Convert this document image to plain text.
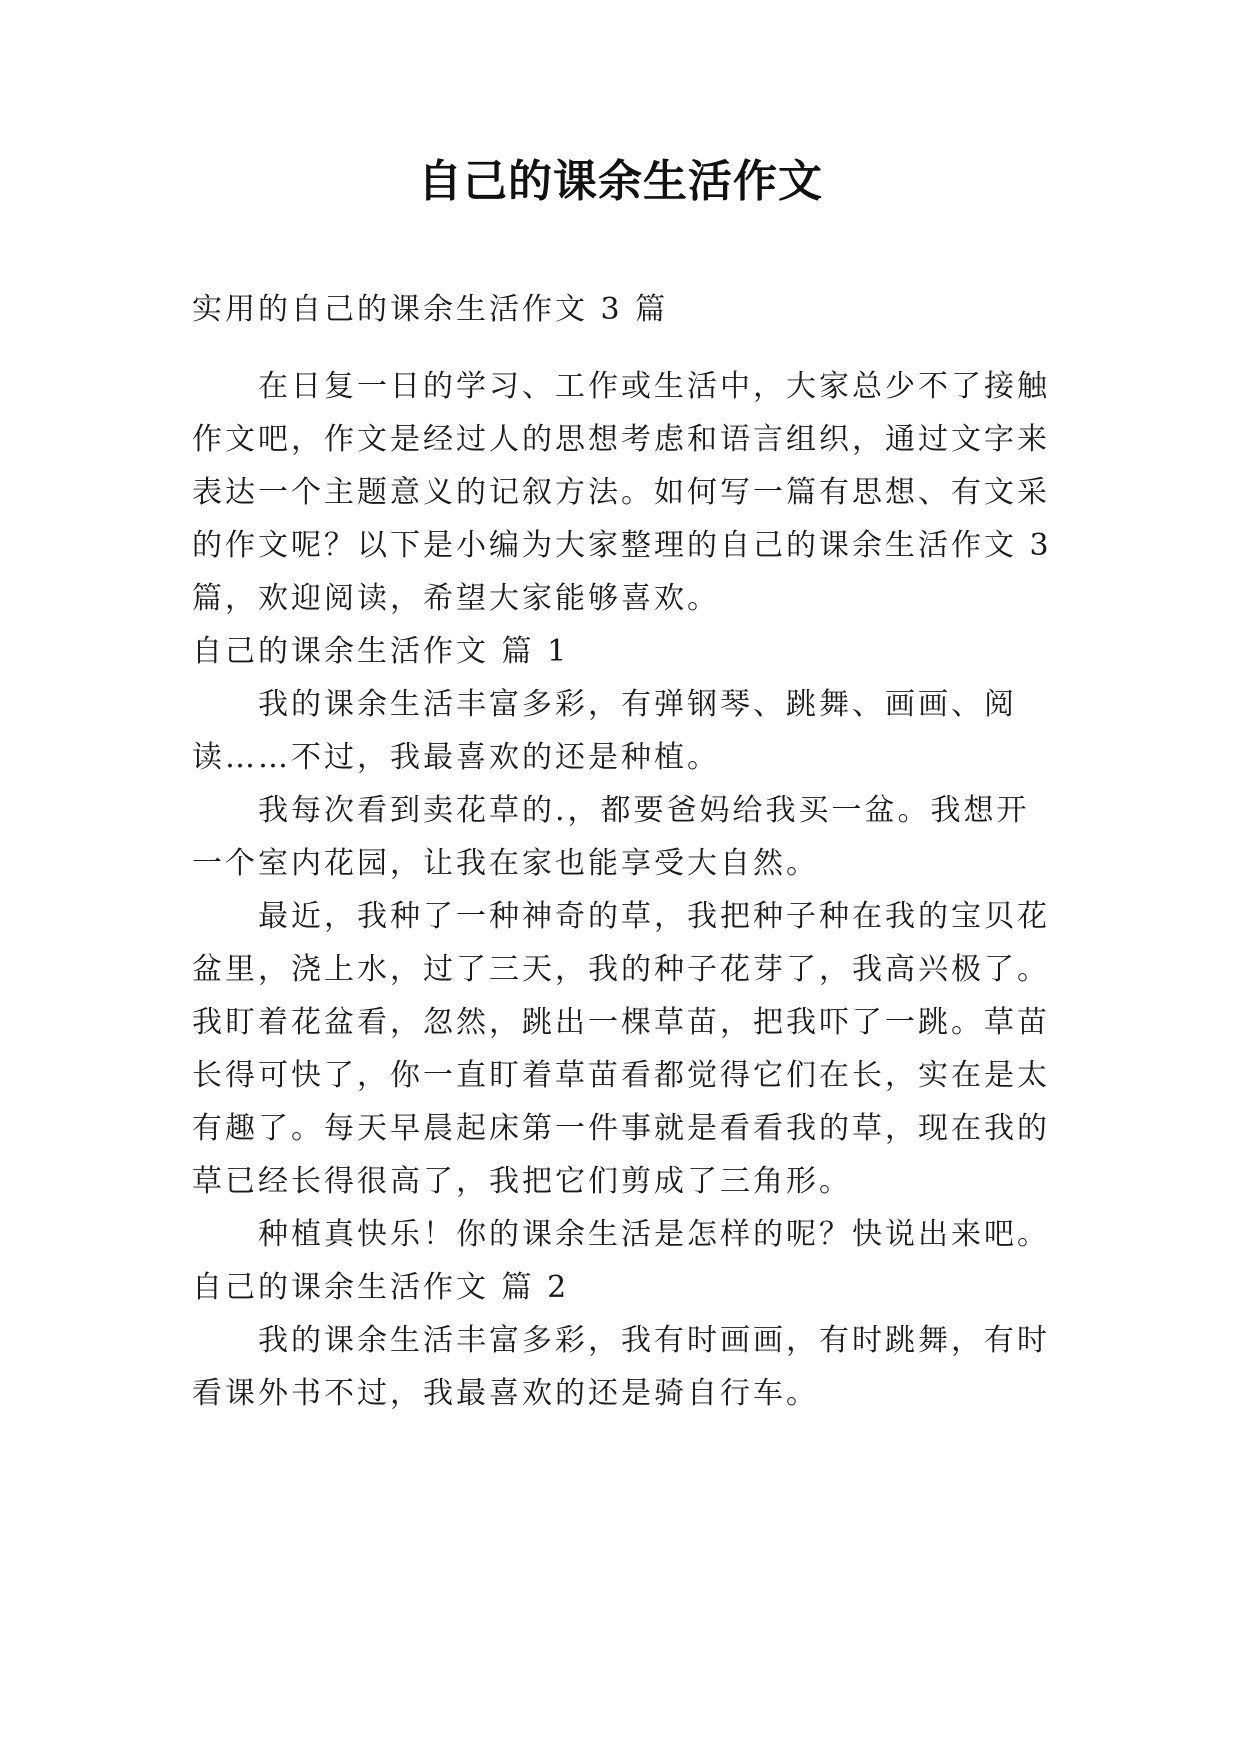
自己的课余生活作文
实用的自己的课余生活作文 3 篇
在日复一日的学习、工作或生活中，大家总少不了接触
作文吧，作文是经过人的思想考虑和语言组织，通过文字来
表达一个主题意义的记叙方法。如何写一篇有思想、有文采
的作文呢？以下是小编为大家整理的自己的课余生活作文 3
篇，欢迎阅读，希望大家能够喜欢。
自己的课余生活作文 篇 1
我的课余生活丰富多彩，有弹钢琴、跳舞、画画、阅
读……不过，我最喜欢的还是种植。
我每次看到卖花草的.，都要爸妈给我买一盆。我想开
一个室内花园，让我在家也能享受大自然。
最近，我种了一种神奇的草，我把种子种在我的宝贝花
盆里，浇上水，过了三天，我的种子花芽了，我高兴极了。
我盯着花盆看，忽然，跳出一棵草苗，把我吓了一跳。草苗
长得可快了，你一直盯着草苗看都觉得它们在长，实在是太
有趣了。每天早晨起床第一件事就是看看我的草，现在我的
草已经长得很高了，我把它们剪成了三角形。
种植真快乐！你的课余生活是怎样的呢？快说出来吧。
自己的课余生活作文 篇 2
我的课余生活丰富多彩，我有时画画，有时跳舞，有时
看课外书不过，我最喜欢的还是骑自行车。
